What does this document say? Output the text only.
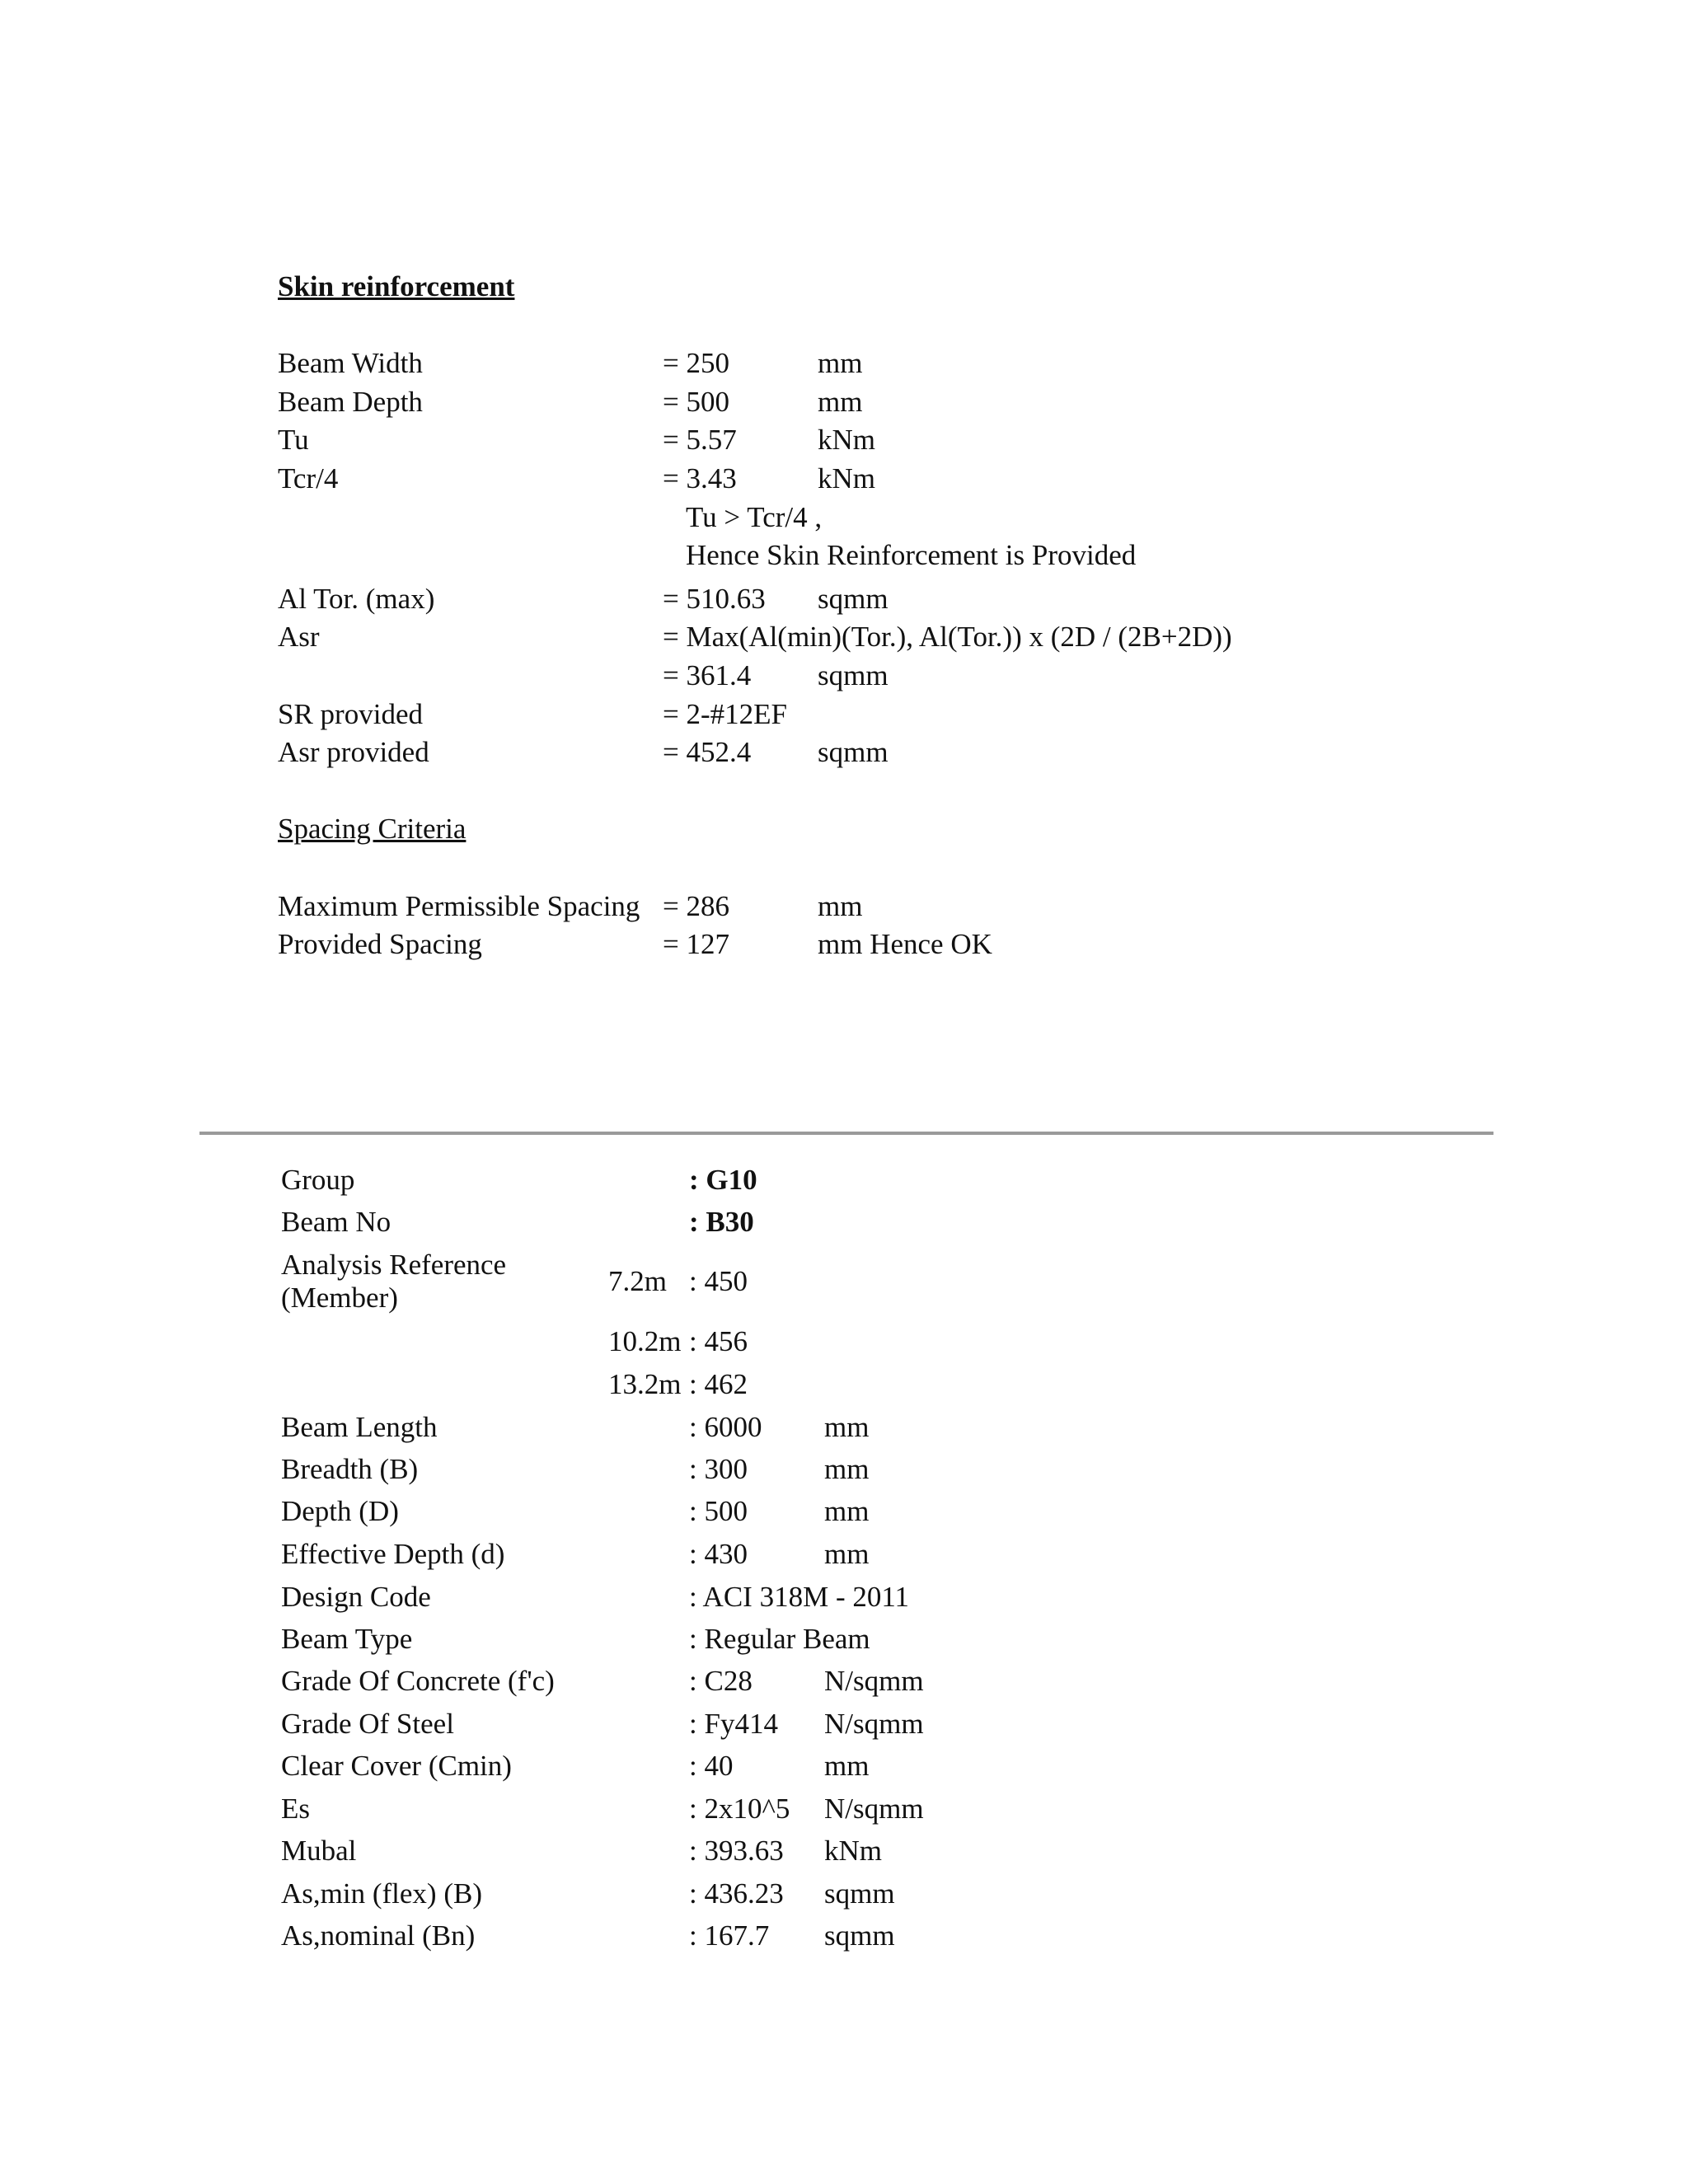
Skin reinforcement
Beam Width	= 250	mm
Beam Depth	= 500	mm
Tu	= 5.57	kNm
Tcr/4	= 3.43	kNm
Tu > Tcr/4 ,
Hence Skin Reinforcement is Provided
Al Tor. (max)	= 510.63 sqmm
Asr	= Max(Al(min)(Tor.), Al(Tor.)) x (2D / (2B+2D))
= 361.4 sqmm
SR provided	= 2-#12EF
Asr provided	= 452.4 sqmm
Spacing Criteria
Maximum Permissible Spacing = 286	mm
Provided Spacing	= 127	mm Hence OK
Group	: G10
Beam No	: B30
Analysis Reference
(Member)
7.2m : 450
10.2m : 456
13.2m : 462
Beam Length	: 6000 mm
Breadth (B)	: 300	mm
Depth (D)	: 500	mm
Effective Depth (d)	: 430	mm
Design Code	: ACI 318M - 2011
Beam Type	: Regular Beam
Grade Of Concrete (f'c)	: C28 N/sqmm
Grade Of Steel	: Fy414 N/sqmm
Clear Cover (Cmin)	: 40	mm
Es	: 2x10^5 N/sqmm
Mubal	: 393.63 kNm
As,min (flex) (B)	: 436.23 sqmm
As,nominal (Bn)	: 167.7 sqmm
